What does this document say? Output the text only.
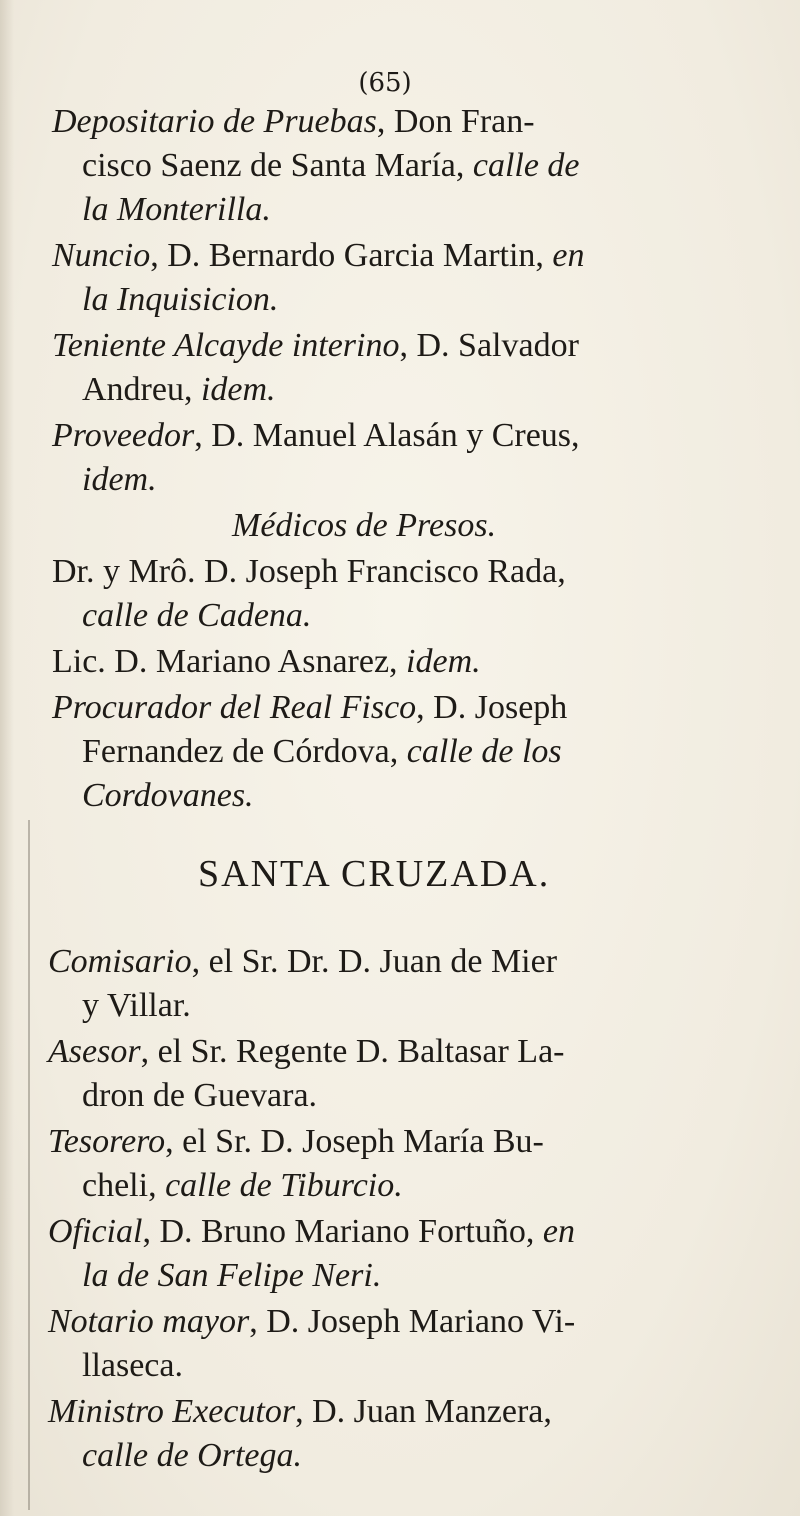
(65)
Depositario de Pruebas, Don Fran-
cisco Saenz de Santa María, calle de
la Monterilla.
Nuncio, D. Bernardo Garcia Martin, en
la Inquisicion.
Teniente Alcayde interino, D. Salvador
Andreu, idem.
Proveedor, D. Manuel Alasán y Creus,
idem.
Médicos de Presos.
Dr. y Mrô. D. Joseph Francisco Rada,
calle de Cadena.
Lic. D. Mariano Asnarez, idem.
Procurador del Real Fisco, D. Joseph
Fernandez de Córdova, calle de los
Cordovanes.
SANTA CRUZADA.
Comisario, el Sr. Dr. D. Juan de Mier
y Villar.
Asesor, el Sr. Regente D. Baltasar La-
dron de Guevara.
Tesorero, el Sr. D. Joseph María Bu-
cheli, calle de Tiburcio.
Oficial, D. Bruno Mariano Fortuño, en
la de San Felipe Neri.
Notario mayor, D. Joseph Mariano Vi-
llaseca.
Ministro Executor, D. Juan Manzera,
calle de Ortega.
